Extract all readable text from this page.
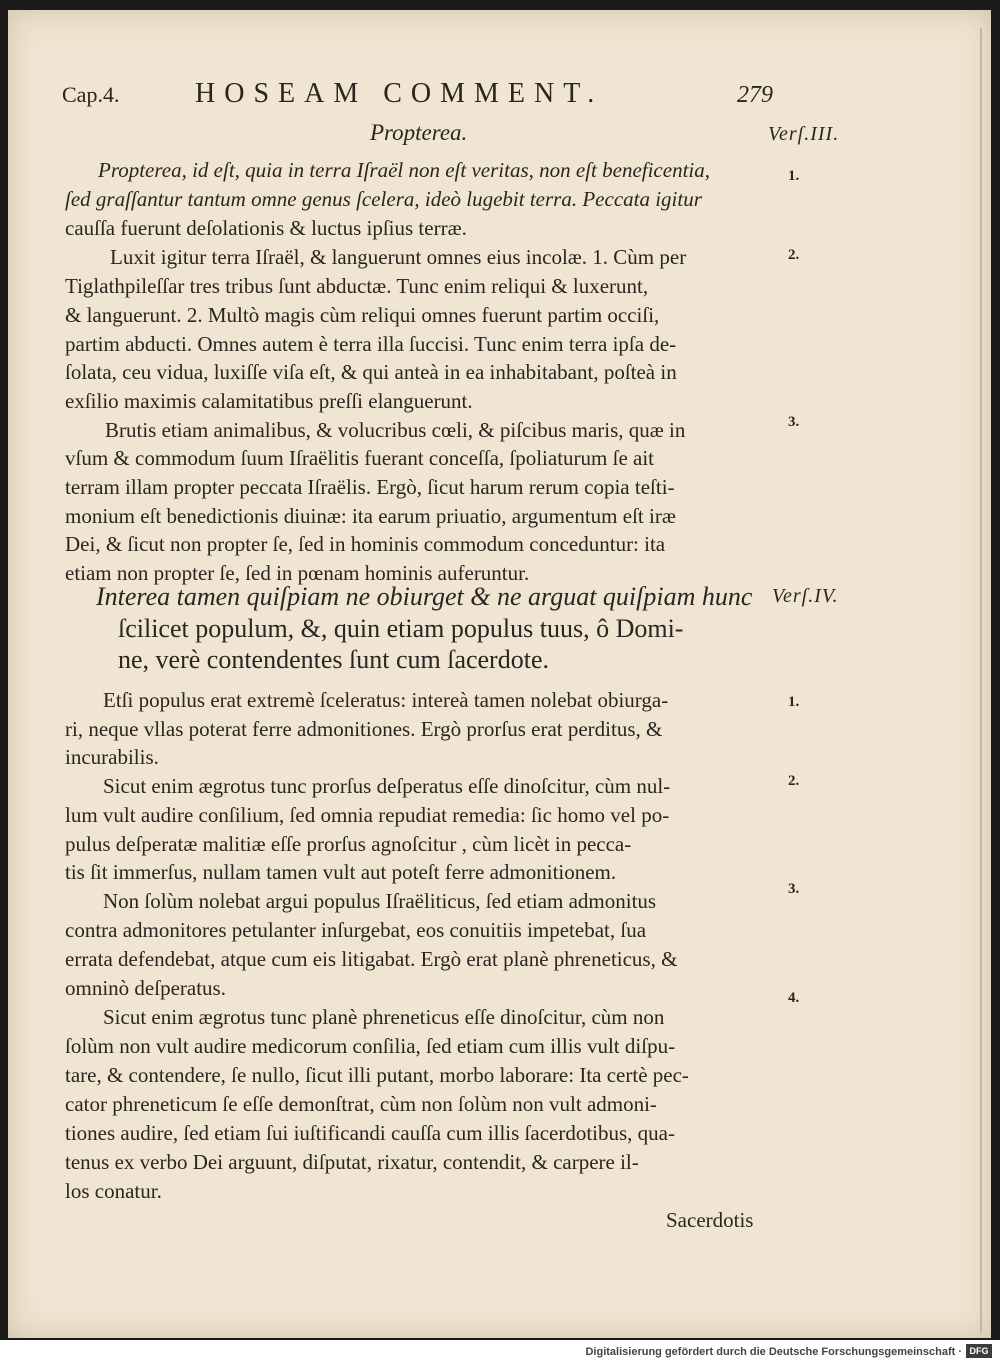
Cap.4.	HOSEAM COMMENT.	279
Propterea.	Verſ.III.
Verſ.IV.
1.
2.
3.
1.
2.
3.
4.
Propterea, id eſt, quia in terra Iſraël non eſt veritas, non eſt beneficentia,
ſed graſſantur tantum omne genus ſcelera, ideò lugebit terra. Peccata igitur
cauſſa fuerunt deſolationis & luctus ipſius terræ.
Luxit igitur terra Iſraël, & languerunt omnes eius incolæ. 1. Cùm per
Tiglathpileſſar tres tribus ſunt abductæ. Tunc enim reliqui & luxerunt,
& languerunt. 2. Multò magis cùm reliqui omnes fuerunt partim occiſi,
partim abducti. Omnes autem è terra illa ſuccisi. Tunc enim terra ipſa de-
ſolata, ceu vidua, luxiſſe viſa eſt, & qui anteà in ea inhabitabant, poſteà in
exſilio maximis calamitatibus preſſi elanguerunt.
Brutis etiam animalibus, & volucribus cœli, & piſcibus maris, quæ in
vſum & commodum ſuum Iſraëlitis fuerant conceſſa, ſpoliaturum ſe ait
terram illam propter peccata Iſraëlis. Ergò, ſicut harum rerum copia teſti-
monium eſt benedictionis diuinæ: ita earum priuatio, argumentum eſt iræ
Dei, & ſicut non propter ſe, ſed in hominis commodum conceduntur: ita
etiam non propter ſe, ſed in pœnam hominis auferuntur.
Interea tamen quiſpiam ne obiurget & ne arguat quiſpiam hunc
ſcilicet populum, &, quin etiam populus tuus, ô Domi-
ne, verè contendentes ſunt cum ſacerdote.
Etſi populus erat extremè ſceleratus: intereà tamen nolebat obiurga-
ri, neque vllas poterat ferre admonitiones. Ergò prorſus erat perditus, &
incurabilis.
Sicut enim ægrotus tunc prorſus deſperatus eſſe dinoſcitur, cùm nul-
lum vult audire conſilium, ſed omnia repudiat remedia: ſic homo vel po-
pulus deſperatæ malitiæ eſſe prorſus agnoſcitur , cùm licèt in pecca-
tis ſit immerſus, nullam tamen vult aut poteſt ferre admonitionem.
Non ſolùm nolebat argui populus Iſraëliticus, ſed etiam admonitus
contra admonitores petulanter inſurgebat, eos conuitiis impetebat, ſua
errata defendebat, atque cum eis litigabat. Ergò erat planè phreneticus, &
omninò deſperatus.
Sicut enim ægrotus tunc planè phreneticus eſſe dinoſcitur, cùm non
ſolùm non vult audire medicorum conſilia, ſed etiam cum illis vult diſpu-
tare, & contendere, ſe nullo, ſicut illi putant, morbo laborare: Ita certè pec-
cator phreneticum ſe eſſe demonſtrat, cùm non ſolùm non vult admoni-
tiones audire, ſed etiam ſui iuſtificandi cauſſa cum illis ſacerdotibus, qua-
tenus ex verbo Dei arguunt, diſputat, rixatur, contendit, & carpere il-
los conatur.
Sacerdotis
Digitalisierung gefördert durch die Deutsche Forschungsgemeinschaft · DFG
